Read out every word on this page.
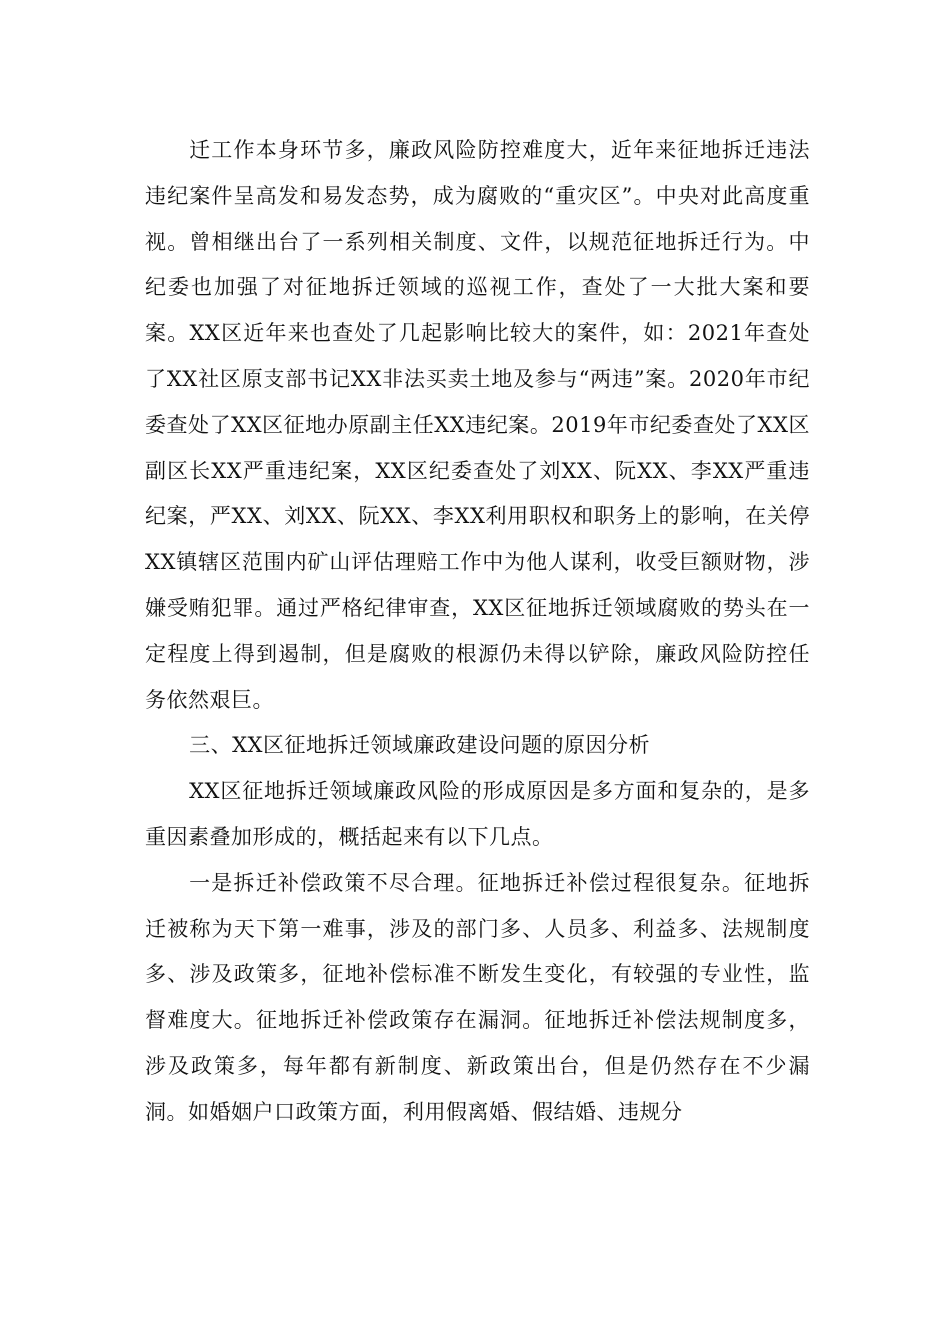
迁工作本身环节多，廉政风险防控难度大，近年来征地拆迁违法违纪案件呈高发和易发态势，成为腐败的“重灾区”。中央对此高度重视。曾相继出台了一系列相关制度、文件，以规范征地拆迁行为。中纪委也加强了对征地拆迁领域的巡视工作，查处了一大批大案和要案。XX区近年来也查处了几起影响比较大的案件，如：2021年查处了XX社区原支部书记XX非法买卖土地及参与“两违”案。2020年市纪委查处了XX区征地办原副主任XX违纪案。2019年市纪委查处了XX区副区长XX严重违纪案，XX区纪委查处了刘XX、阮XX、李XX严重违纪案，严XX、刘XX、阮XX、李XX利用职权和职务上的影响，在关停XX镇辖区范围内矿山评估理赔工作中为他人谋利，收受巨额财物，涉嫌受贿犯罪。通过严格纪律审查，XX区征地拆迁领域腐败的势头在一定程度上得到遏制，但是腐败的根源仍未得以铲除，廉政风险防控任务依然艰巨。

三、XX区征地拆迁领域廉政建设问题的原因分析

XX区征地拆迁领域廉政风险的形成原因是多方面和复杂的，是多重因素叠加形成的，概括起来有以下几点。

一是拆迁补偿政策不尽合理。征地拆迁补偿过程很复杂。征地拆迁被称为天下第一难事，涉及的部门多、人员多、利益多、法规制度多、涉及政策多，征地补偿标准不断发生变化，有较强的专业性，监督难度大。征地拆迁补偿政策存在漏洞。征地拆迁补偿法规制度多，涉及政策多，每年都有新制度、新政策出台，但是仍然存在不少漏洞。如婚姻户口政策方面，利用假离婚、假结婚、违规分
